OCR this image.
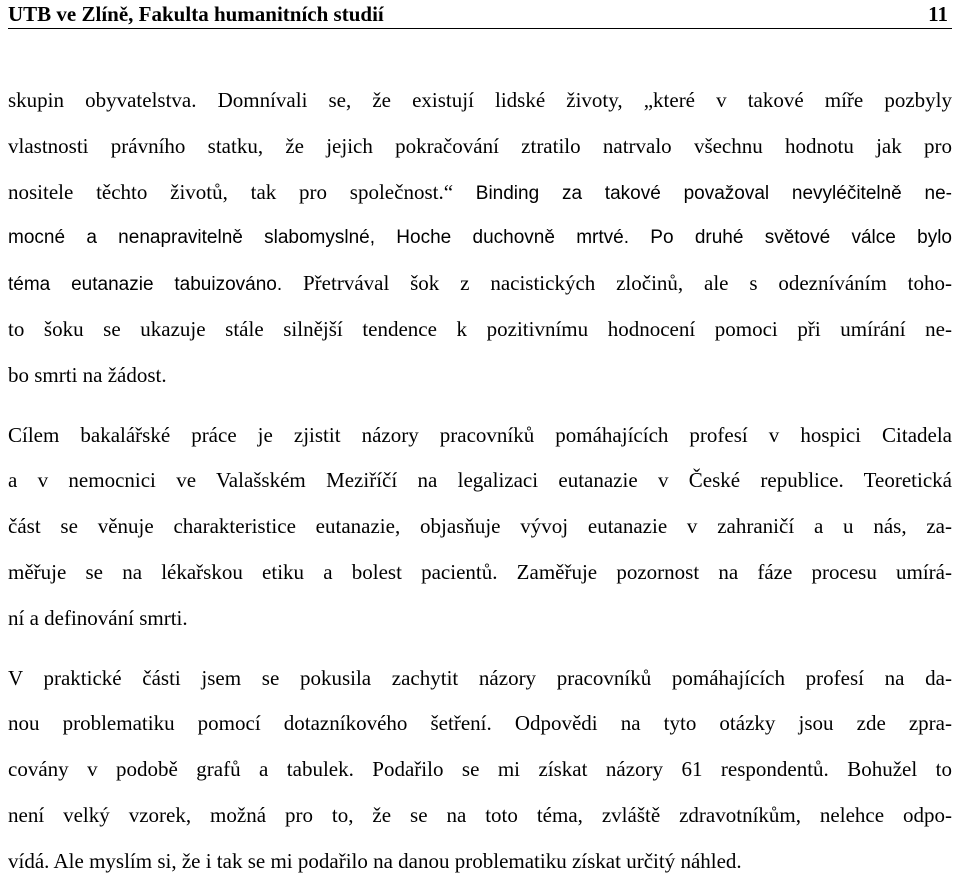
UTB ve Zlíně, Fakulta humanitních studií	11
skupin obyvatelstva. Domnívali se, že existují lidské životy, „které v takové míře pozbyly
vlastnosti právního statku, že jejich pokračování ztratilo natrvalo všechnu hodnotu jak pro
nositele těchto životů, tak pro společnost.“ Binding za takové považoval nevyléčitelně ne-
mocné a nenapravitelně slabomyslné, Hoche duchovně mrtvé. Po druhé světové válce bylo
téma eutanazie tabuizováno. Přetrvával šok z nacistických zločinů, ale s odezníváním toho-
to šoku se ukazuje stále silnější tendence k pozitivnímu hodnocení pomoci při umírání ne-
bo smrti na žádost.
Cílem bakalářské práce je zjistit názory pracovníků pomáhajících profesí v hospici Citadela
a v nemocnici ve Valašském Meziříčí na legalizaci eutanazie v České republice. Teoretická
část se věnuje charakteristice eutanazie, objasňuje vývoj eutanazie v zahraničí a u nás, za-
měřuje se na lékařskou etiku a bolest pacientů. Zaměřuje pozornost na fáze procesu umírá-
ní a definování smrti.
V praktické části jsem se pokusila zachytit názory pracovníků pomáhajících profesí na da-
nou problematiku pomocí dotazníkového šetření. Odpovědi na tyto otázky jsou zde zpra-
covány v podobě grafů a tabulek. Podařilo se mi získat názory 61 respondentů. Bohužel to
není velký vzorek, možná pro to, že se na toto téma, zvláště zdravotníkům, nelehce odpo-
vídá. Ale myslím si, že i tak se mi podařilo na danou problematiku získat určitý náhled.
